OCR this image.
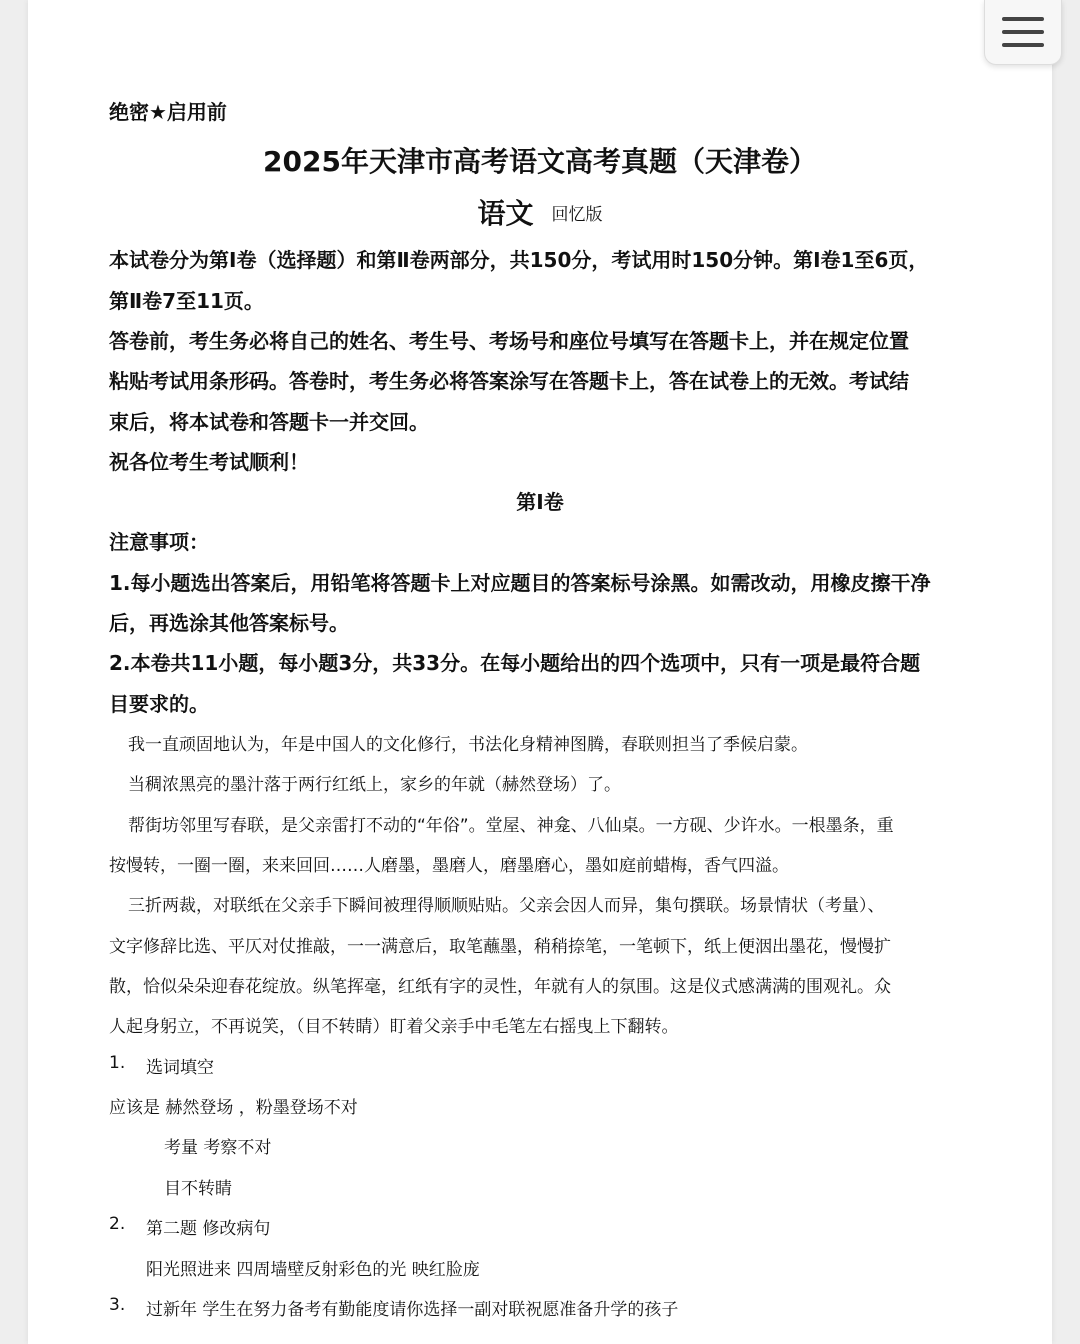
绝密★启用前
2025年天津市高考语文高考真题（天津卷）
语文 回忆版
本试卷分为第Ⅰ卷（选择题）和第Ⅱ卷两部分，共150分，考试用时150分钟。第Ⅰ卷1至6页，
第Ⅱ卷7至11页。
答卷前，考生务必将自己的姓名、考生号、考场号和座位号填写在答题卡上，并在规定位置
粘贴考试用条形码。答卷时，考生务必将答案涂写在答题卡上，答在试卷上的无效。考试结
束后，将本试卷和答题卡一并交回。
祝各位考生考试顺利！
第Ⅰ卷
注意事项：
1.每小题选出答案后，用铅笔将答题卡上对应题目的答案标号涂黑。如需改动，用橡皮擦干净
后，再选涂其他答案标号。
2.本卷共11小题，每小题3分，共33分。在每小题给出的四个选项中，只有一项是最符合题
目要求的。
我一直顽固地认为，年是中国人的文化修行，书法化身精神图腾，春联则担当了季候启蒙。
当稠浓黑亮的墨汁落于两行红纸上，家乡的年就（赫然登场）了。
帮街坊邻里写春联，是父亲雷打不动的“年俗”。堂屋、神龛、八仙桌。一方砚、少许水。一根墨条，重
按慢转，一圈一圈，来来回回……人磨墨，墨磨人，磨墨磨心，墨如庭前蜡梅，香气四溢。
三折两裁，对联纸在父亲手下瞬间被理得顺顺贴贴。父亲会因人而异，集句撰联。场景情状（考量）、
文字修辞比选、平仄对仗推敲，一一满意后，取笔蘸墨，稍稍捺笔，一笔顿下，纸上便洇出墨花，慢慢扩
散，恰似朵朵迎春花绽放。纵笔挥毫，红纸有字的灵性，年就有人的氛围。这是仪式感满满的围观礼。众
人起身躬立，不再说笑，（目不转睛）盯着父亲手中毛笔左右摇曳上下翻转。
1. 选词填空
应该是 赫然登场 ，粉墨登场不对
考量 考察不对
目不转睛
2. 第二题 修改病句
阳光照进来 四周墙壁反射彩色的光 映红脸庞
3. 过新年 学生在努力备考有勤能度请你选择一副对联祝愿准备升学的孩子
